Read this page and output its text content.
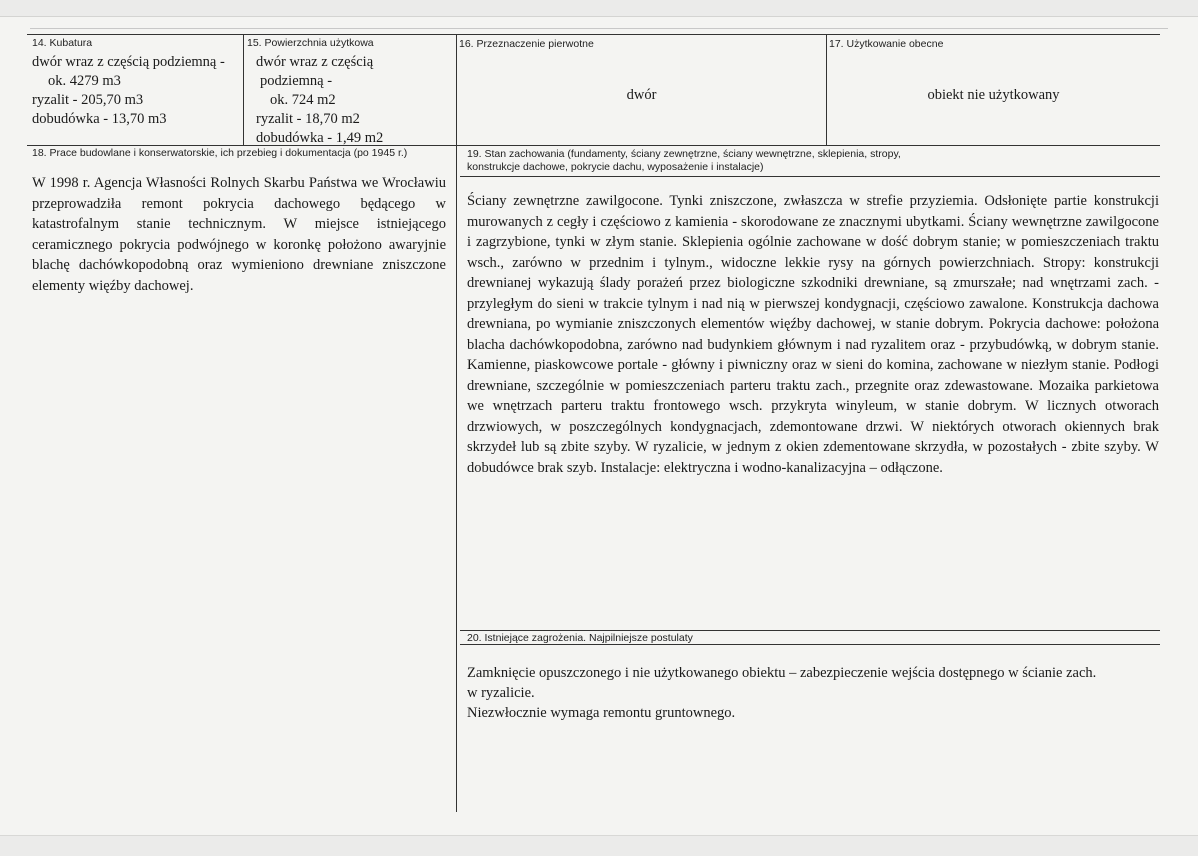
14. Kubatura
dwór wraz z częścią podziemną -
ok. 4279 m3
ryzalit - 205,70 m3
dobudówka - 13,70 m3
15. Powierzchnia użytkowa
dwór wraz z częścią
podziemną -
ok. 724 m2
ryzalit - 18,70 m2
dobudówka - 1,49 m2
16. Przeznaczenie pierwotne
dwór
17. Użytkowanie obecne
obiekt nie użytkowany
18. Prace budowlane i konserwatorskie, ich przebieg i dokumentacja (po 1945 r.)
W 1998 r. Agencja Własności Rolnych Skarbu Państwa we Wrocławiu przeprowadziła remont pokrycia dachowego będącego w katastrofalnym stanie technicznym. W miejsce istniejącego ceramicznego pokrycia podwójnego w koronkę położono awaryjnie blachę dachówkopodobną oraz wymieniono drewniane zniszczone elementy więźby dachowej.
19. Stan zachowania (fundamenty, ściany zewnętrzne, ściany wewnętrzne, sklepienia, stropy,
konstrukcje dachowe, pokrycie dachu, wyposażenie i instalacje)
Ściany zewnętrzne zawilgocone. Tynki zniszczone, zwłaszcza w strefie przyziemia. Odsłonięte partie konstrukcji murowanych z cegły i częściowo z kamienia - skorodowane ze znacznymi ubytkami. Ściany wewnętrzne zawilgocone i zagrzybione, tynki w złym stanie. Sklepienia ogólnie zachowane w dość dobrym stanie; w pomieszczeniach traktu wsch., zarówno w przednim i tylnym., widoczne lekkie rysy na górnych powierzchniach. Stropy: konstrukcji drewnianej wykazują ślady porażeń przez biologiczne szkodniki drewniane, są zmurszałe; nad wnętrzami zach. - przyległym do sieni w trakcie tylnym i nad nią w pierwszej kondygnacji, częściowo zawalone. Konstrukcja dachowa drewniana, po wymianie zniszczonych elementów więźby dachowej, w stanie dobrym. Pokrycia dachowe: położona blacha dachówkopodobna, zarówno nad budynkiem głównym i nad ryzalitem oraz - przybudówką, w dobrym stanie. Kamienne, piaskowcowe portale - główny i piwniczny oraz w sieni do komina, zachowane w niezłym stanie. Podłogi drewniane, szczególnie w pomieszczeniach parteru traktu zach., przegnite oraz zdewastowane. Mozaika parkietowa we wnętrzach parteru traktu frontowego wsch. przykryta winyleum, w stanie dobrym. W licznych otworach drzwiowych, w poszczególnych kondygnacjach, zdemontowane drzwi. W niektórych otworach okiennych brak skrzydeł lub są zbite szyby. W ryzalicie, w jednym z okien zdementowane skrzydła, w pozostałych - zbite szyby. W dobudówce brak szyb. Instalacje: elektryczna i wodno-kanalizacyjna – odłączone.
20. Istniejące zagrożenia. Najpilniejsze postulaty
Zamknięcie opuszczonego i nie użytkowanego obiektu – zabezpieczenie wejścia dostępnego w ścianie zach.
w ryzalicie.
Niezwłocznie wymaga remontu gruntownego.
